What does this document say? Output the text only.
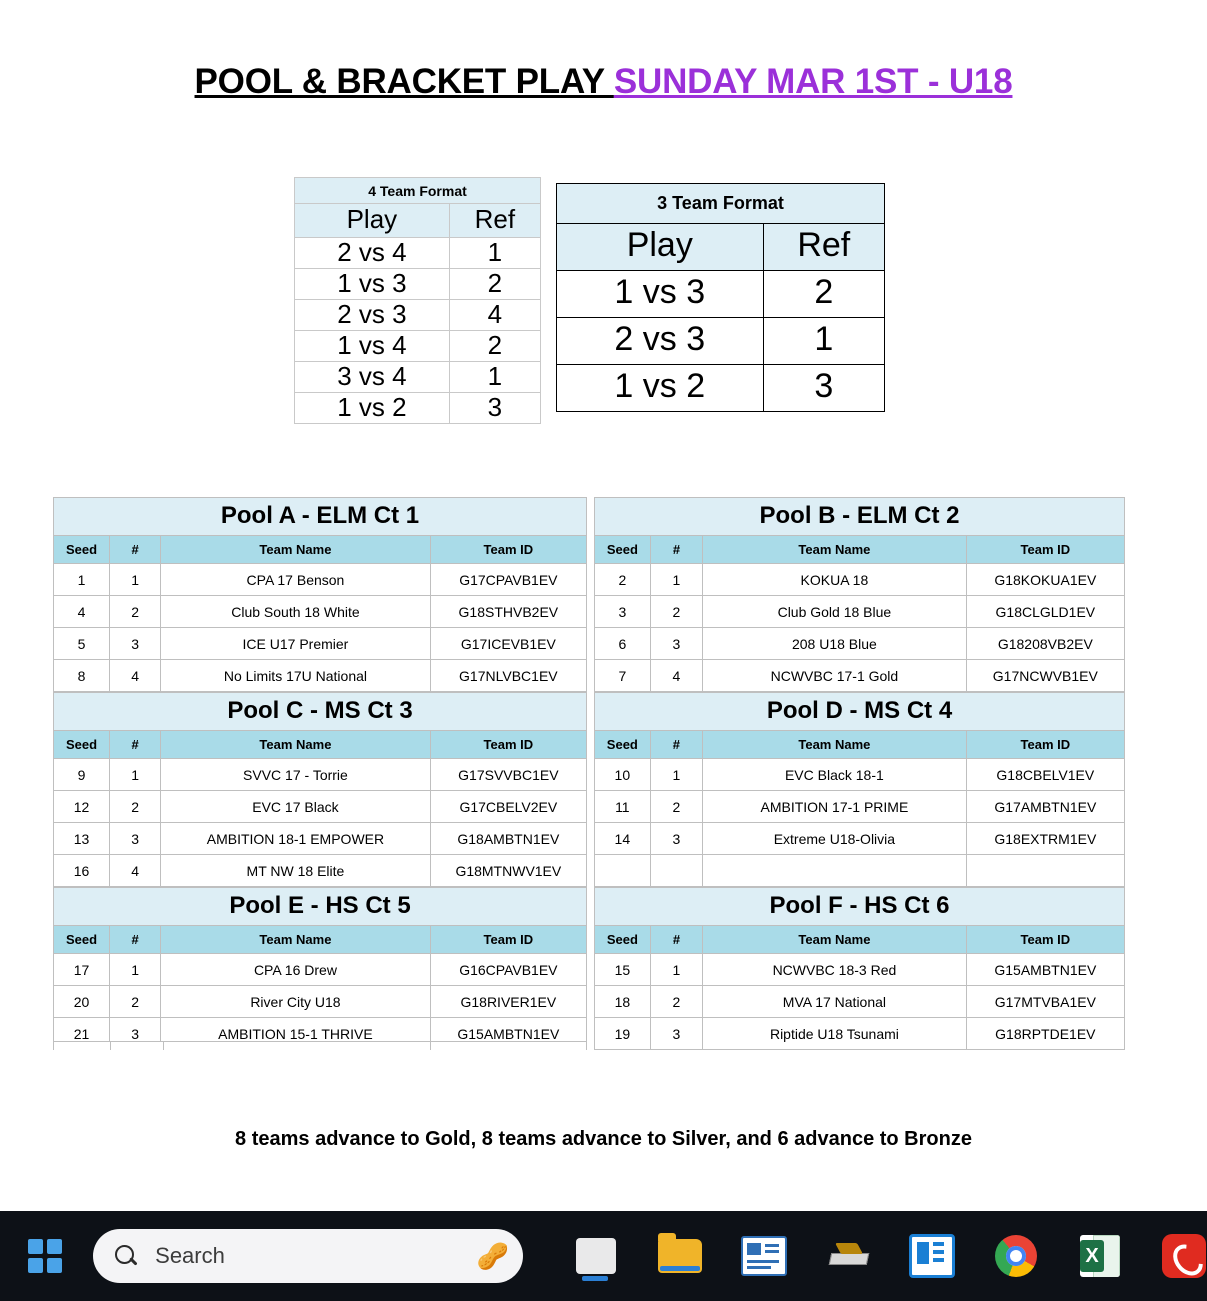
POOL & BRACKET PLAY SUNDAY MAR 1ST - U18
4 Team Format	
Play	Ref
2 vs 4	1
1 vs 3	2
2 vs 3	4
1 vs 4	2
3 vs 4	1
1 vs 2	3
3 Team Format	
Play	Ref
1 vs 3	2
2 vs 3	1
1 vs 2	3
Pool A - ELM Ct 1			
Seed	#	Team Name	Team ID
1	1	CPA 17 Benson	G17CPAVB1EV
4	2	Club South 18 White	G18STHVB2EV
5	3	ICE U17 Premier	G17ICEVB1EV
8	4	No Limits 17U National	G17NLVBC1EV
Pool C - MS Ct 3			
Seed	#	Team Name	Team ID
9	1	SVVC 17 - Torrie	G17SVVBC1EV
12	2	EVC 17 Black	G17CBELV2EV
13	3	AMBITION 18-1 EMPOWER	G18AMBTN1EV
16	4	MT NW 18 Elite	G18MTNWV1EV
Pool E - HS Ct 5			
Seed	#	Team Name	Team ID
17	1	CPA 16 Drew	G16CPAVB1EV
20	2	River City U18	G18RIVER1EV
21	3	AMBITION 15-1 THRIVE	G15AMBTN1EV

Pool B - ELM Ct 2			
Seed	#	Team Name	Team ID
2	1	KOKUA 18	G18KOKUA1EV
3	2	Club Gold 18 Blue	G18CLGLD1EV
6	3	208 U18 Blue	G18208VB2EV
7	4	NCWVBC 17-1 Gold	G17NCWVB1EV
Pool D - MS Ct 4			
Seed	#	Team Name	Team ID
10	1	EVC Black 18-1	G18CBELV1EV
11	2	AMBITION 17-1 PRIME	G17AMBTN1EV
14	3	Extreme U18-Olivia	G18EXTRM1EV

Pool F - HS Ct 6			
Seed	#	Team Name	Team ID
15	1	NCWVBC 18-3 Red	G15AMBTN1EV
18	2	MVA 17 National	G17MTVBA1EV
19	3	Riptide U18 Tsunami	G18RPTDE1EV
8 teams advance to Gold, 8 teams advance to Silver, and 6 advance to Bronze
Search	🥜	X
